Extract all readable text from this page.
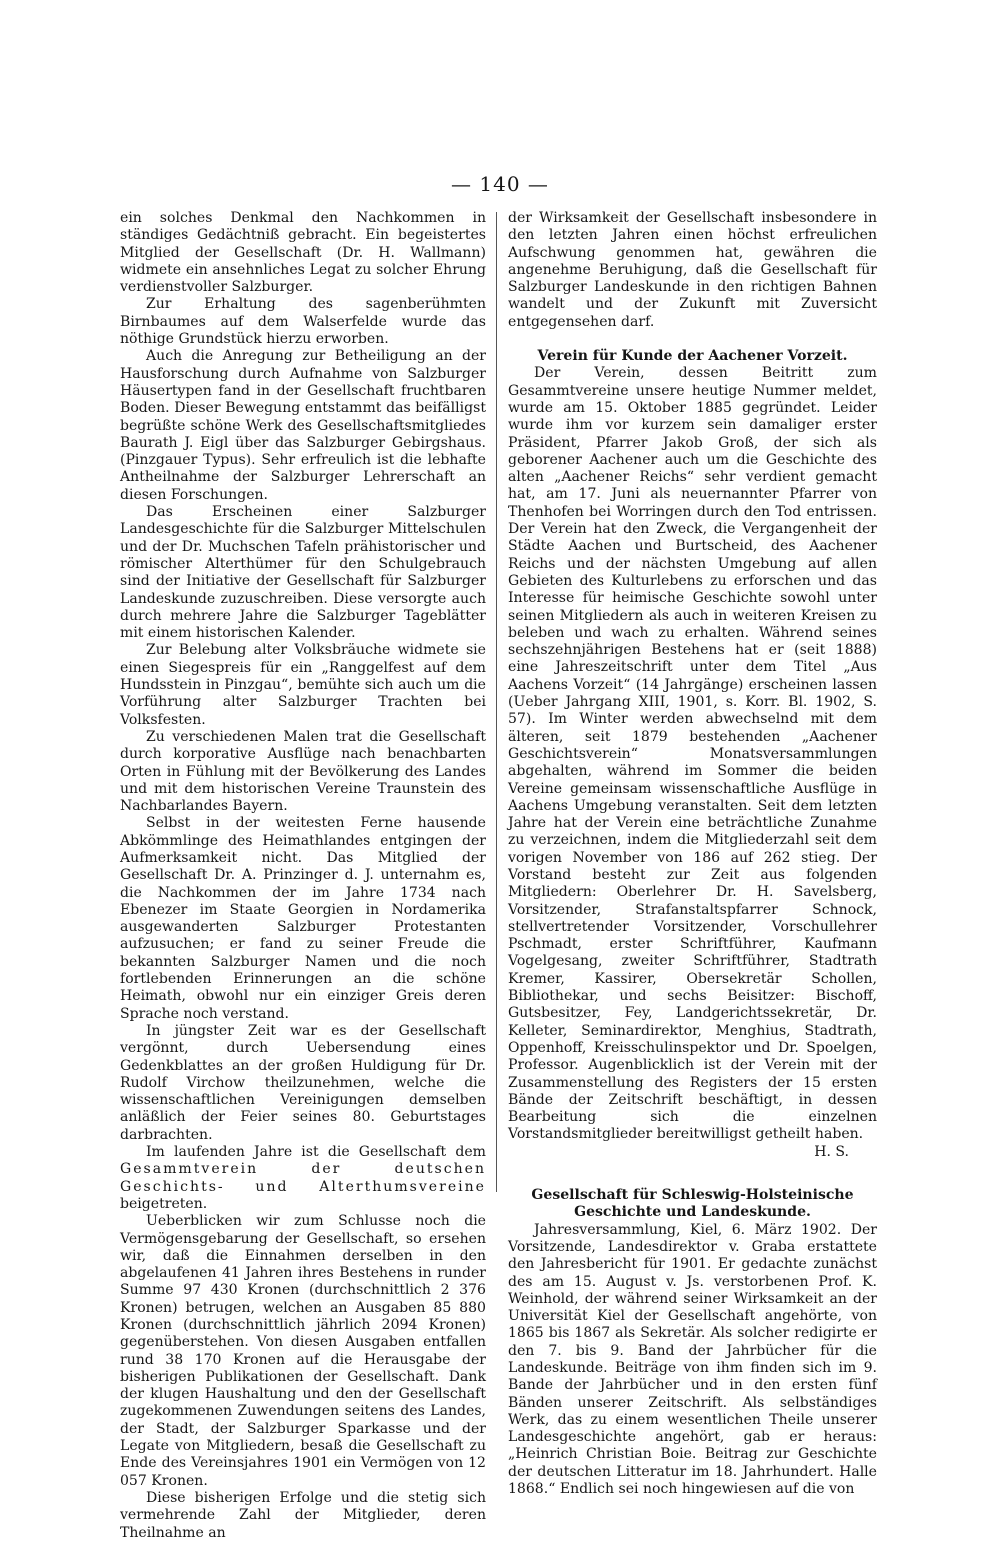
— 140 —

ein solches Denkmal den Nachkommen in ständiges Gedächtniß gebracht. Ein begeistertes Mitglied der Gesellschaft (Dr. H. Wallmann) widmete ein ansehnliches Legat zu solcher Ehrung verdienstvoller Salzburger.

Zur Erhaltung des sagenberühmten Birnbaumes auf dem Walserfelde wurde das nöthige Grundstück hierzu erworben.

Auch die Anregung zur Betheiligung an der Hausforschung durch Aufnahme von Salzburger Häusertypen fand in der Gesellschaft fruchtbaren Boden. Dieser Bewegung entstammt das beifälligst begrüßte schöne Werk des Gesellschaftsmitgliedes Baurath J. Eigl über das Salzburger Gebirgshaus. (Pinzgauer Typus). Sehr erfreulich ist die lebhafte Antheilnahme der Salzburger Lehrerschaft an diesen Forschungen.

Das Erscheinen einer Salzburger Landesgeschichte für die Salzburger Mittelschulen und der Dr. Muchschen Tafeln prähistorischer und römischer Alterthümer für den Schulgebrauch sind der Initiative der Gesellschaft für Salzburger Landeskunde zuzuschreiben. Diese versorgte auch durch mehrere Jahre die Salzburger Tageblätter mit einem historischen Kalender.

Zur Belebung alter Volksbräuche widmete sie einen Siegespreis für ein „Ranggelfest auf dem Hundsstein in Pinzgau“, bemühte sich auch um die Vorführung alter Salzburger Trachten bei Volksfesten.

Zu verschiedenen Malen trat die Gesellschaft durch korporative Ausflüge nach benachbarten Orten in Fühlung mit der Bevölkerung des Landes und mit dem historischen Vereine Traunstein des Nachbarlandes Bayern.

Selbst in der weitesten Ferne hausende Abkömmlinge des Heimathlandes entgingen der Aufmerksamkeit nicht. Das Mitglied der Gesellschaft Dr. A. Prinzinger d. J. unternahm es, die Nachkommen der im Jahre 1734 nach Ebenezer im Staate Georgien in Nordamerika ausgewanderten Salzburger Protestanten aufzusuchen; er fand zu seiner Freude die bekannten Salzburger Namen und die noch fortlebenden Erinnerungen an die schöne Heimath, obwohl nur ein einziger Greis deren Sprache noch verstand.

In jüngster Zeit war es der Gesellschaft vergönnt, durch Uebersendung eines Gedenkblattes an der großen Huldigung für Dr. Rudolf Virchow theilzunehmen, welche die wissenschaftlichen Vereinigungen demselben anläßlich der Feier seines 80. Geburtstages darbrachten.

Im laufenden Jahre ist die Gesellschaft dem Gesammtverein der deutschen Geschichts- und Alterthumsvereine beigetreten.

Ueberblicken wir zum Schlusse noch die Vermögensgebarung der Gesellschaft, so ersehen wir, daß die Einnahmen derselben in den abgelaufenen 41 Jahren ihres Bestehens in runder Summe 97 430 Kronen (durchschnittlich 2 376 Kronen) betrugen, welchen an Ausgaben 85 880 Kronen (durchschnittlich jährlich 2094 Kronen) gegenüberstehen. Von diesen Ausgaben entfallen rund 38 170 Kronen auf die Herausgabe der bisherigen Publikationen der Gesellschaft. Dank der klugen Haushaltung und den der Gesellschaft zugekommenen Zuwendungen seitens des Landes, der Stadt, der Salzburger Sparkasse und der Legate von Mitgliedern, besaß die Gesellschaft zu Ende des Vereinsjahres 1901 ein Vermögen von 12 057 Kronen.

Diese bisherigen Erfolge und die stetig sich vermehrende Zahl der Mitglieder, deren Theilnahme an

der Wirksamkeit der Gesellschaft insbesondere in den letzten Jahren einen höchst erfreulichen Aufschwung genommen hat, gewähren die angenehme Beruhigung, daß die Gesellschaft für Salzburger Landeskunde in den richtigen Bahnen wandelt und der Zukunft mit Zuversicht entgegensehen darf.

Verein für Kunde der Aachener Vorzeit.

Der Verein, dessen Beitritt zum Gesammtvereine unsere heutige Nummer meldet, wurde am 15. Oktober 1885 gegründet. Leider wurde ihm vor kurzem sein damaliger erster Präsident, Pfarrer Jakob Groß, der sich als geborener Aachener auch um die Geschichte des alten „Aachener Reichs“ sehr verdient gemacht hat, am 17. Juni als neuernannter Pfarrer von Thenhofen bei Worringen durch den Tod entrissen. Der Verein hat den Zweck, die Vergangenheit der Städte Aachen und Burtscheid, des Aachener Reichs und der nächsten Umgebung auf allen Gebieten des Kulturlebens zu erforschen und das Interesse für heimische Geschichte sowohl unter seinen Mitgliedern als auch in weiteren Kreisen zu beleben und wach zu erhalten. Während seines sechszehnjährigen Bestehens hat er (seit 1888) eine Jahreszeitschrift unter dem Titel „Aus Aachens Vorzeit“ (14 Jahrgänge) erscheinen lassen (Ueber Jahrgang XIII, 1901, s. Korr. Bl. 1902, S. 57). Im Winter werden abwechselnd mit dem älteren, seit 1879 bestehenden „Aachener Geschichtsverein“ Monatsversammlungen abgehalten, während im Sommer die beiden Vereine gemeinsam wissenschaftliche Ausflüge in Aachens Umgebung veranstalten. Seit dem letzten Jahre hat der Verein eine beträchtliche Zunahme zu verzeichnen, indem die Mitgliederzahl seit dem vorigen November von 186 auf 262 stieg. Der Vorstand besteht zur Zeit aus folgenden Mitgliedern: Oberlehrer Dr. H. Savelsberg, Vorsitzender, Strafanstaltspfarrer Schnock, stellvertretender Vorsitzender, Vorschullehrer Pschmadt, erster Schriftführer, Kaufmann Vogelgesang, zweiter Schriftführer, Stadtrath Kremer, Kassirer, Obersekretär Schollen, Bibliothekar, und sechs Beisitzer: Bischoff, Gutsbesitzer, Fey, Landgerichtssekretär, Dr. Kelleter, Seminardirektor, Menghius, Stadtrath, Oppenhoff, Kreisschulinspektor und Dr. Spoelgen, Professor. Augenblicklich ist der Verein mit der Zusammenstellung des Registers der 15 ersten Bände der Zeitschrift beschäftigt, in dessen Bearbeitung sich die einzelnen Vorstandsmitglieder bereitwilligst getheilt haben.

H. S.

Gesellschaft für Schleswig-Holsteinische Geschichte und Landeskunde.

Jahresversammlung, Kiel, 6. März 1902. Der Vorsitzende, Landesdirektor v. Graba erstattete den Jahresbericht für 1901. Er gedachte zunächst des am 15. August v. Js. verstorbenen Prof. K. Weinhold, der während seiner Wirksamkeit an der Universität Kiel der Gesellschaft angehörte, von 1865 bis 1867 als Sekretär. Als solcher redigirte er den 7. bis 9. Band der Jahrbücher für die Landeskunde. Beiträge von ihm finden sich im 9. Bande der Jahrbücher und in den ersten fünf Bänden unserer Zeitschrift. Als selbständiges Werk, das zu einem wesentlichen Theile unserer Landesgeschichte angehört, gab er heraus: „Heinrich Christian Boie. Beitrag zur Geschichte der deutschen Litteratur im 18. Jahrhundert. Halle 1868.“ Endlich sei noch hingewiesen auf die von
